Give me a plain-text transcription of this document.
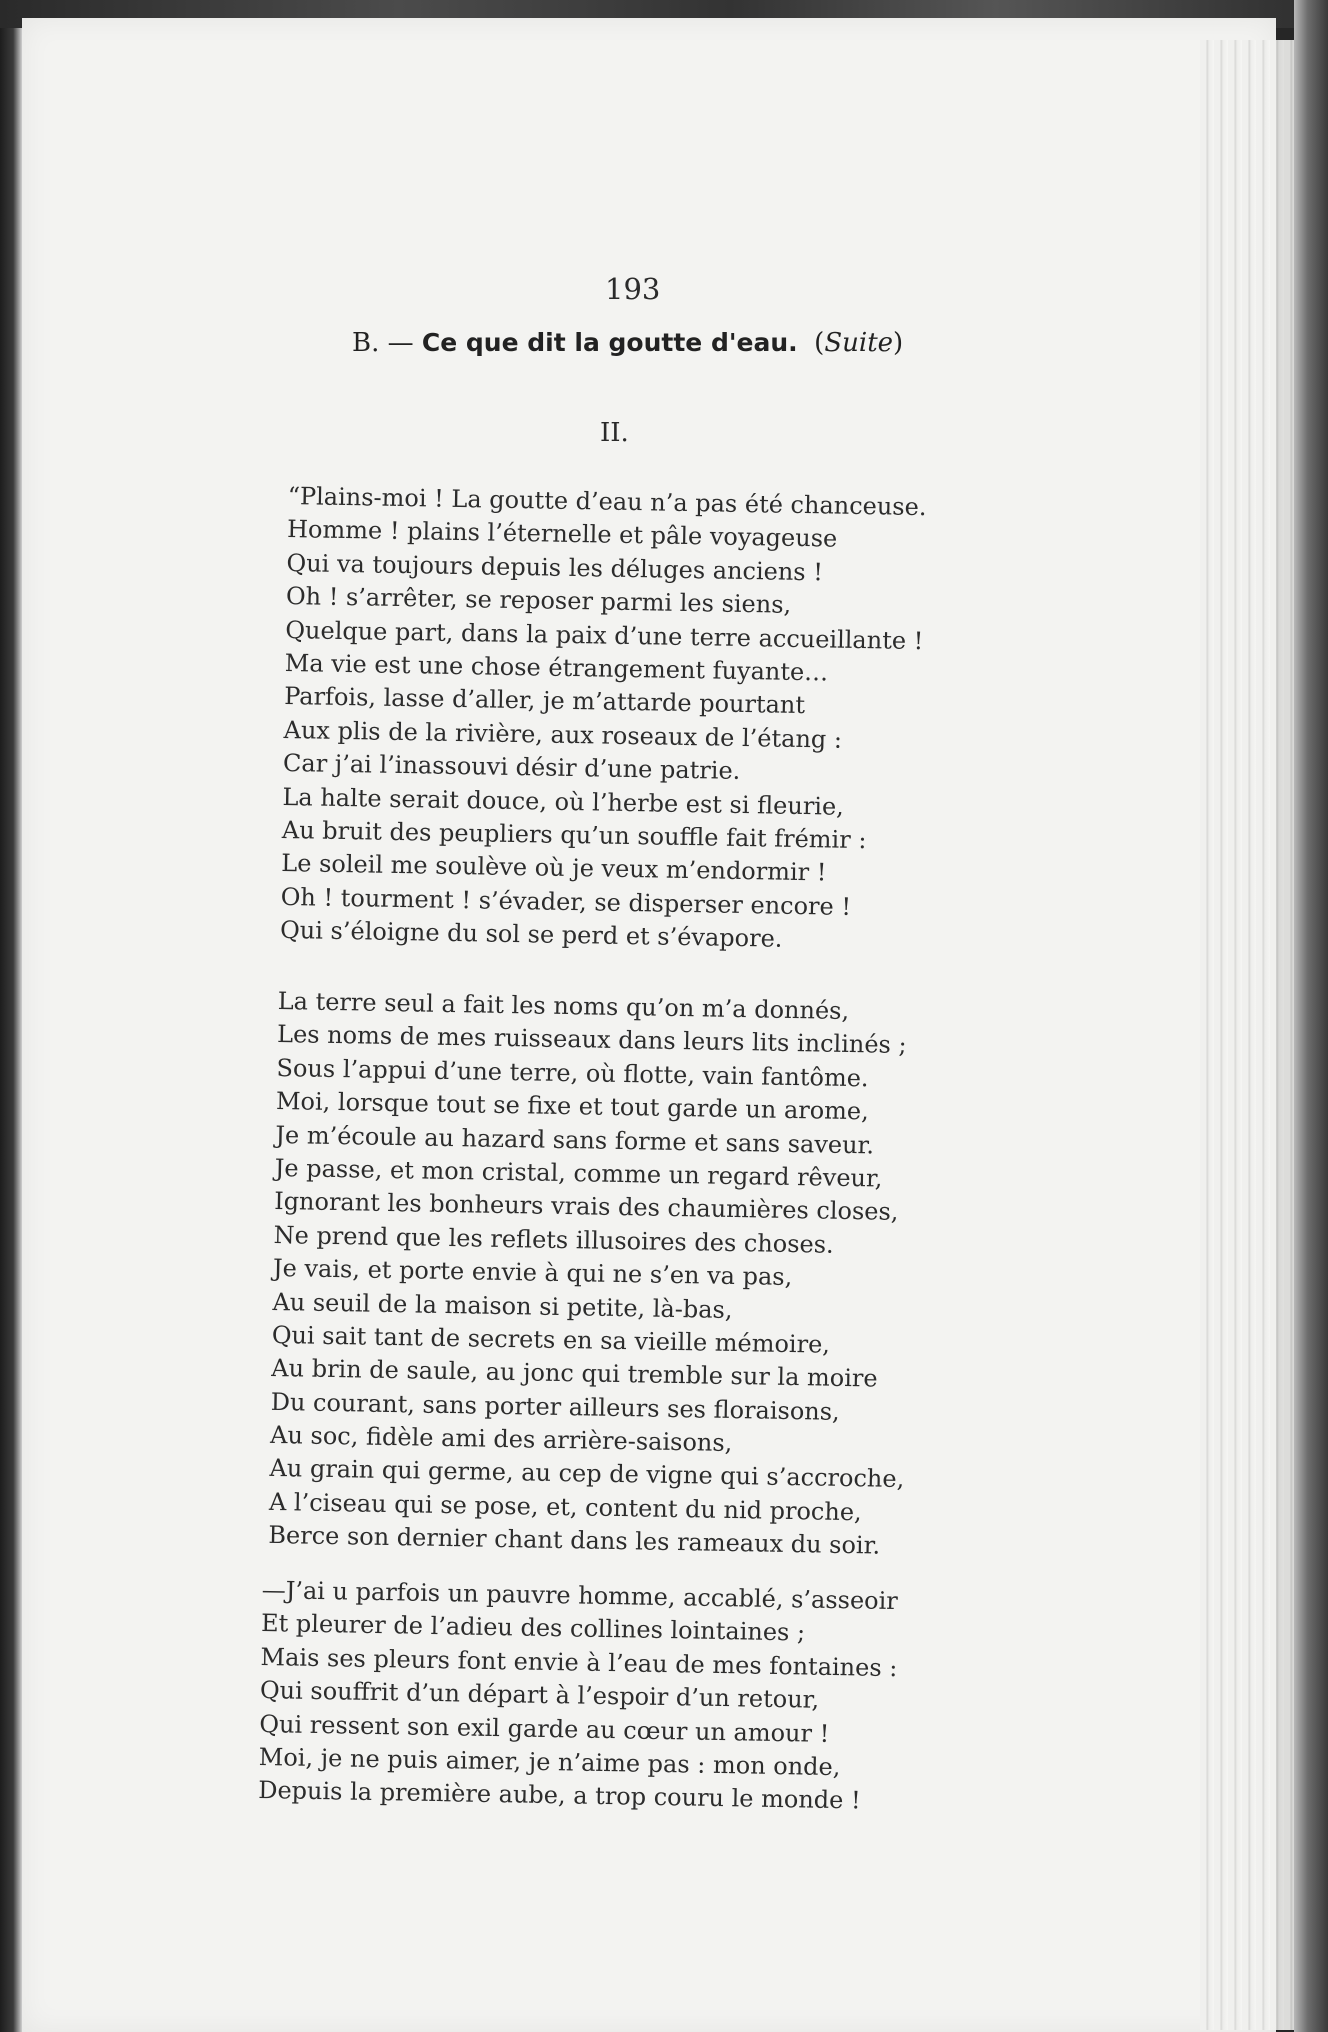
193
B. — Ce que dit la goutte d'eau.  (Suite)
II.
“Plains-moi ! La goutte d’eau n’a pas été chanceuse.
Homme ! plains l’éternelle et pâle voyageuse
Qui va toujours depuis les déluges anciens !
Oh ! s’arrêter, se reposer parmi les siens,
Quelque part, dans la paix d’une terre accueillante !
Ma vie est une chose étrangement fuyante…
Parfois, lasse d’aller, je m’attarde pourtant
Aux plis de la rivière, aux roseaux de l’étang :
Car j’ai l’inassouvi désir d’une patrie.
La halte serait douce, où l’herbe est si fleurie,
Au bruit des peupliers qu’un souffle fait frémir :
Le soleil me soulève où je veux m’endormir !
Oh ! tourment ! s’évader, se disperser encore !
Qui s’éloigne du sol se perd et s’évapore.
La terre seul a fait les noms qu’on m’a donnés,
Les noms de mes ruisseaux dans leurs lits inclinés ;
Sous l’appui d’une terre, où flotte, vain fantôme.
Moi, lorsque tout se fixe et tout garde un arome,
Je m’écoule au hazard sans forme et sans saveur.
Je passe, et mon cristal, comme un regard rêveur,
Ignorant les bonheurs vrais des chaumières closes,
Ne prend que les reflets illusoires des choses.
Je vais, et porte envie à qui ne s’en va pas,
Au seuil de la maison si petite, là-bas,
Qui sait tant de secrets en sa vieille mémoire,
Au brin de saule, au jonc qui tremble sur la moire
Du courant, sans porter ailleurs ses floraisons,
Au soc, fidèle ami des arrière-saisons,
Au grain qui germe, au cep de vigne qui s’accroche,
A l’ciseau qui se pose, et, content du nid proche,
Berce son dernier chant dans les rameaux du soir.
—J’ai u parfois un pauvre homme, accablé, s’asseoir
Et pleurer de l’adieu des collines lointaines ;
Mais ses pleurs font envie à l’eau de mes fontaines :
Qui souffrit d’un départ à l’espoir d’un retour,
Qui ressent son exil garde au cœur un amour !
Moi, je ne puis aimer, je n’aime pas : mon onde,
Depuis la première aube, a trop couru le monde !
